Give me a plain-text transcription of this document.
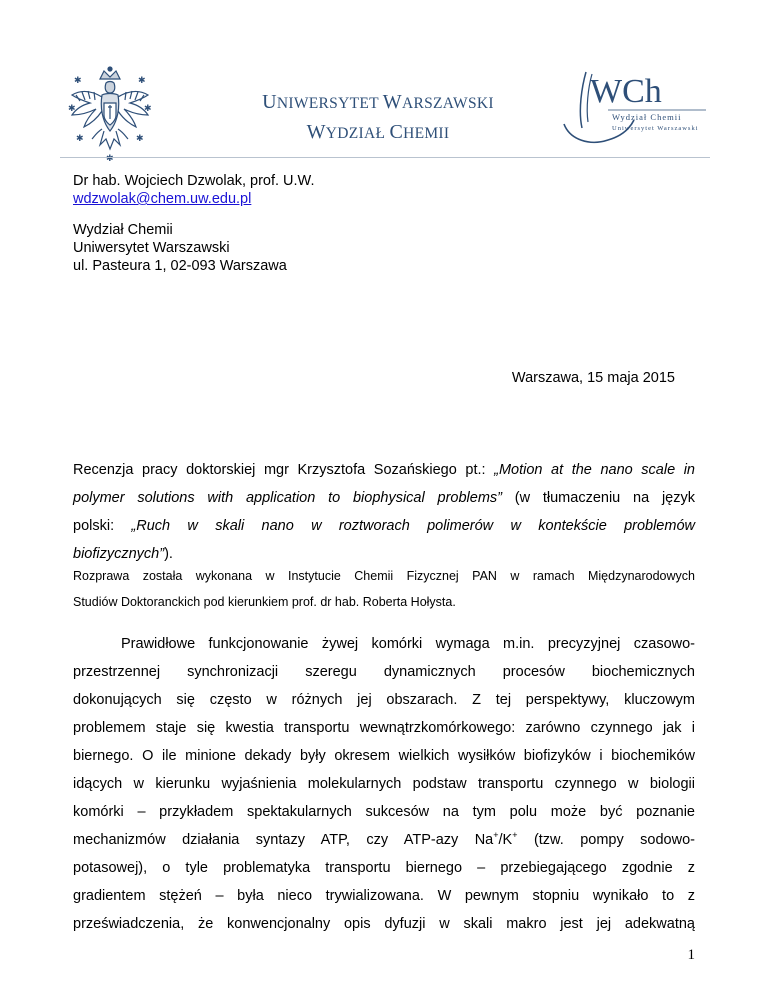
✱	✱
✱	✱
✱	✱
UNIWERSYTET WARSZAWSKI
WYDZIAŁ CHEMII
WCh
Wydział Chemii
Uniwersytet Warszawski
Dr hab. Wojciech Dzwolak, prof. U.W.
wdzwolak@chem.uw.edu.pl
Wydział Chemii
Uniwersytet Warszawski
ul. Pasteura 1, 02-093 Warszawa
Warszawa, 15 maja 2015
Recenzja pracy doktorskiej mgr Krzysztofa Sozańskiego pt.: „Motion at the nano scale in
polymer solutions with application to biophysical problems” (w tłumaczeniu na język
polski: „Ruch w skali nano w roztworach polimerów w kontekście problemów
biofizycznych”).
Rozprawa została wykonana w Instytucie Chemii Fizycznej PAN w ramach Międzynarodowych
Studiów Doktoranckich pod kierunkiem prof. dr hab. Roberta Hołysta.
Prawidłowe funkcjonowanie żywej komórki wymaga m.in. precyzyjnej czasowo-
przestrzennej synchronizacji szeregu dynamicznych procesów biochemicznych
dokonujących się często w różnych jej obszarach. Z tej perspektywy, kluczowym
problemem staje się kwestia transportu wewnątrzkomórkowego: zarówno czynnego jak i
biernego. O ile minione dekady były okresem wielkich wysiłków biofizyków i biochemików
idących w kierunku wyjaśnienia molekularnych podstaw transportu czynnego w biologii
komórki – przykładem spektakularnych sukcesów na tym polu może być poznanie
mechanizmów działania syntazy ATP, czy ATP-azy Na+/K+ (tzw. pompy sodowo-
potasowej), o tyle problematyka transportu biernego – przebiegającego zgodnie z
gradientem stężeń – była nieco trywializowana. W pewnym stopniu wynikało to z
przeświadczenia, że konwencjonalny opis dyfuzji w skali makro jest jej adekwatną
1
